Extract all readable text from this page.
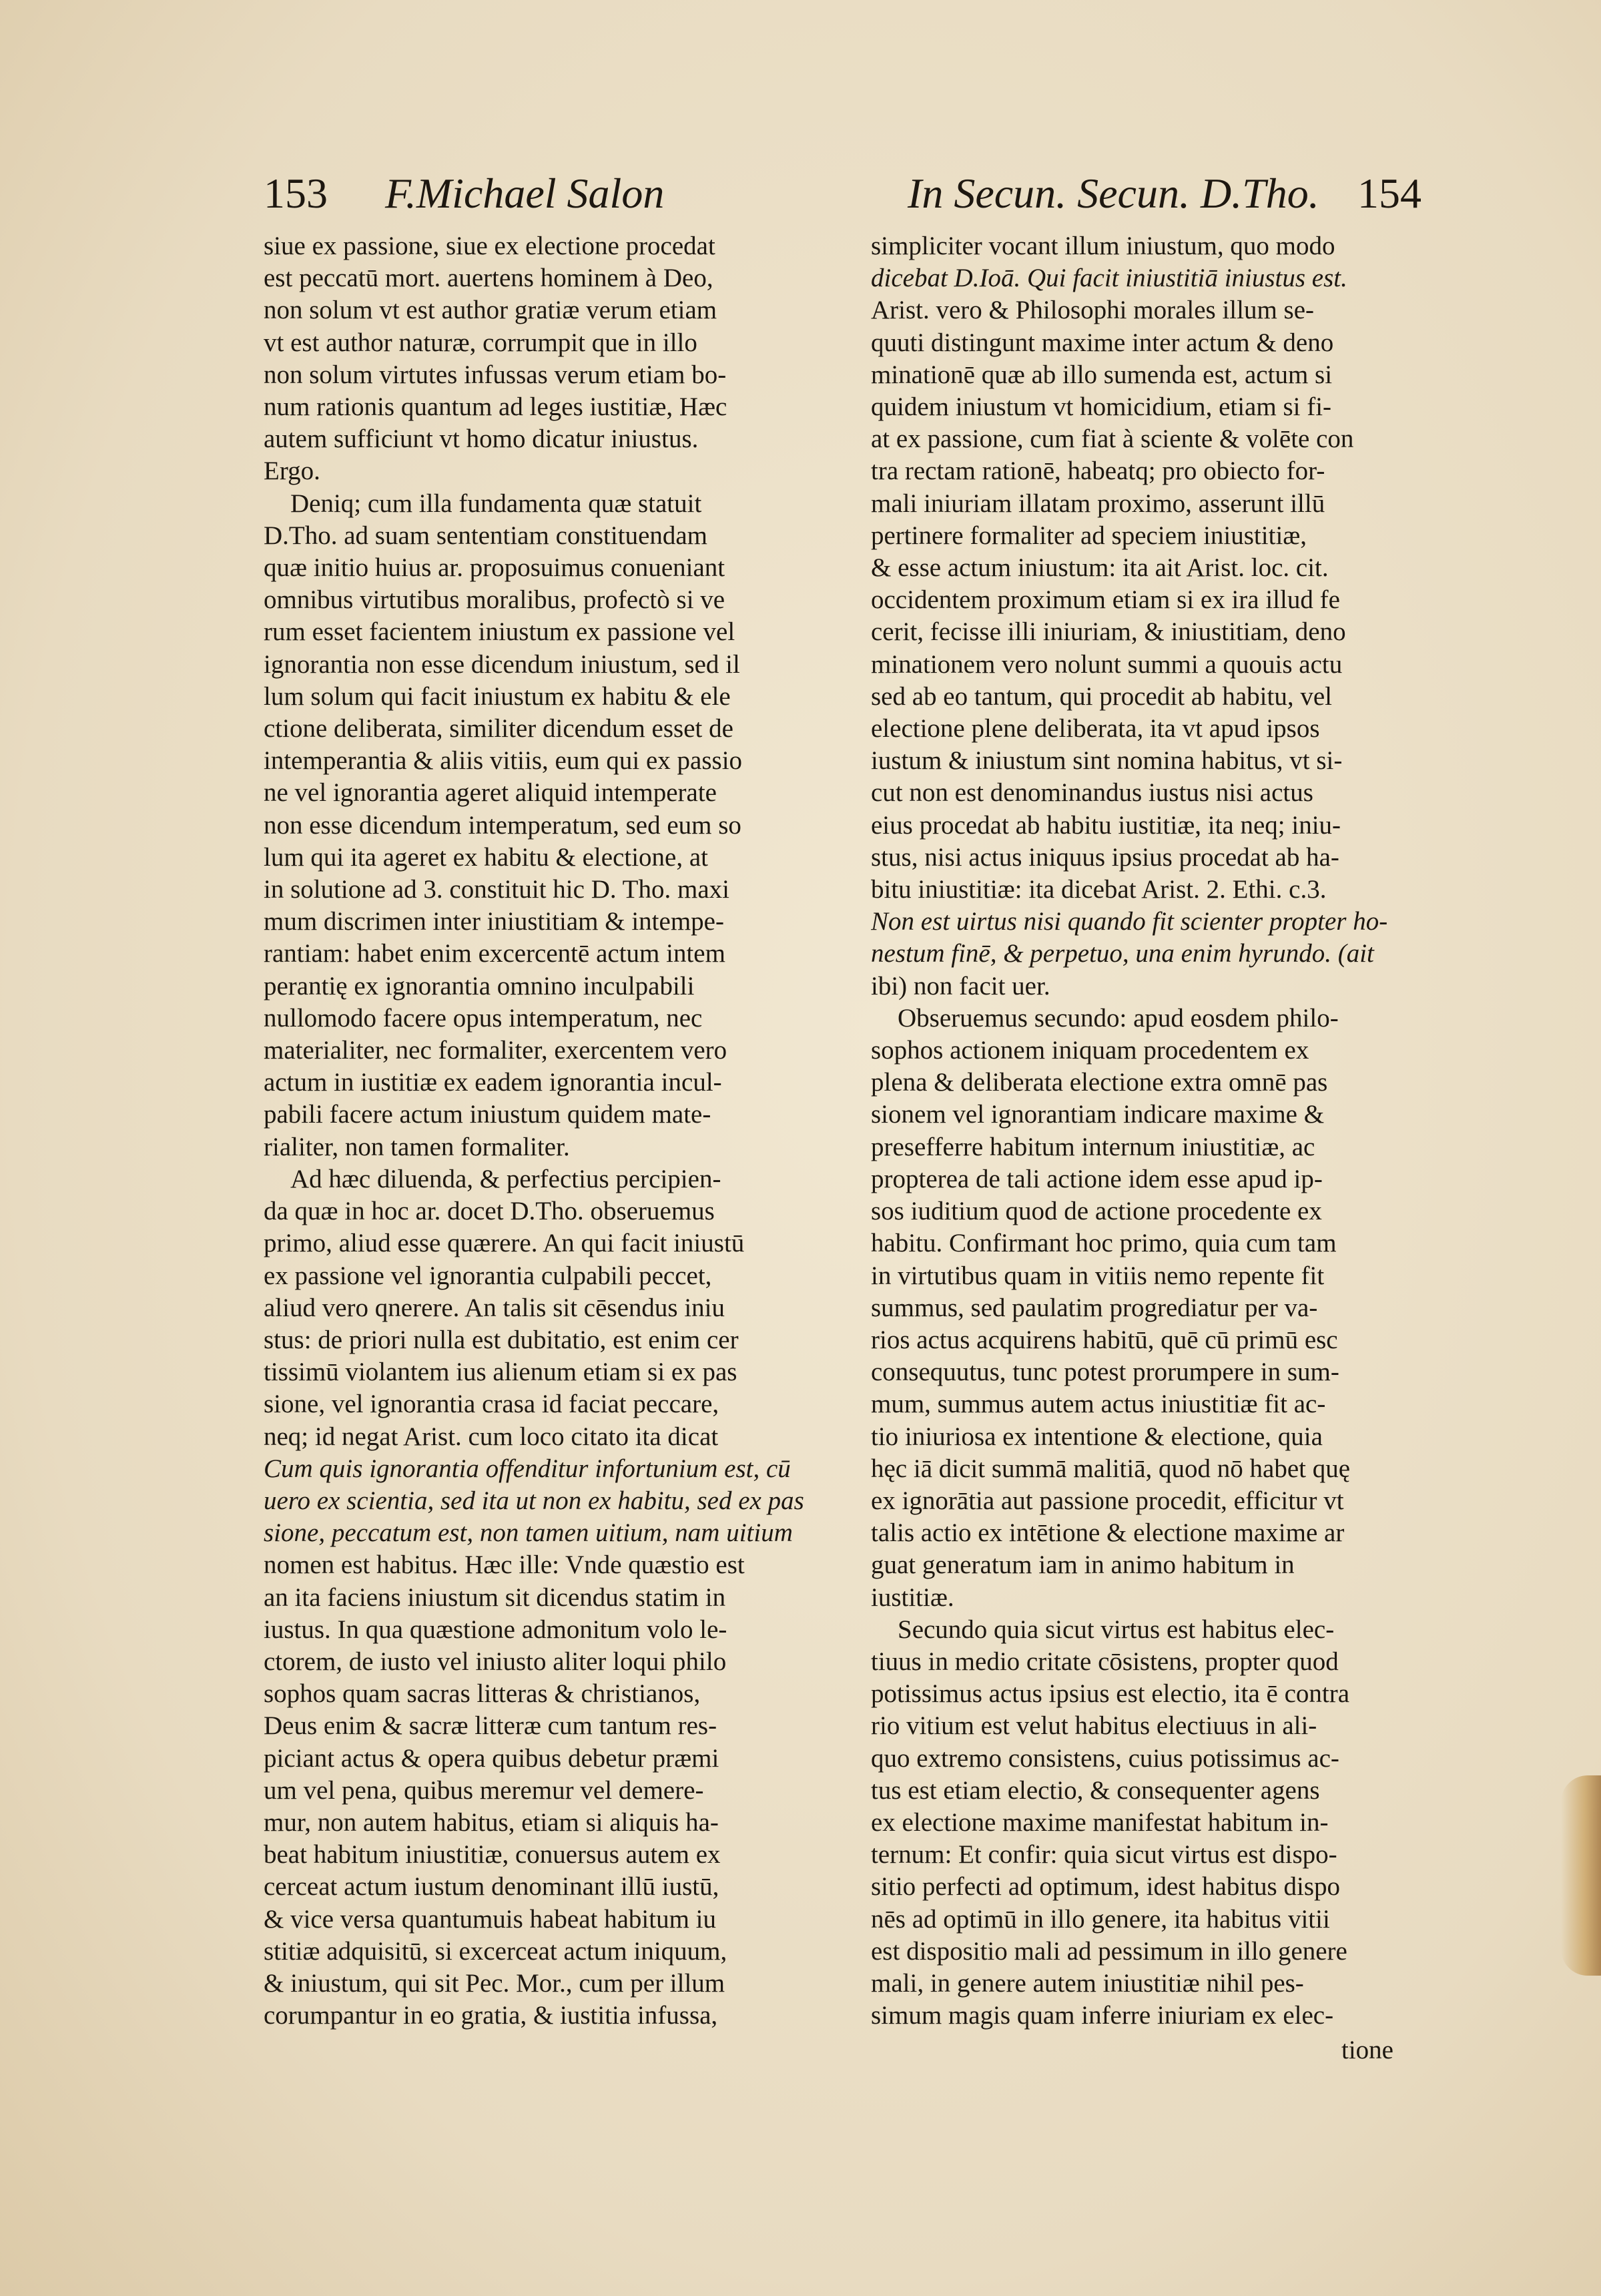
153 F.Michael Salon	In Secun. Secun. D.Tho. 154
siue ex passione, siue ex electione procedat
est peccatū mort. auertens hominem à Deo,
non solum vt est author gratiæ verum etiam
vt est author naturæ, corrumpit que in illo
non solum virtutes infussas verum etiam bo-
num rationis quantum ad leges iustitiæ, Hæc
autem sufficiunt vt homo dicatur iniustus.
Ergo.
Deniq; cum illa fundamenta quæ statuit
D.Tho. ad suam sententiam constituendam
quæ initio huius ar. proposuimus conueniant
omnibus virtutibus moralibus, profectò si ve
rum esset facientem iniustum ex passione vel
ignorantia non esse dicendum iniustum, sed il
lum solum qui facit iniustum ex habitu & ele
ctione deliberata, similiter dicendum esset de
intemperantia & aliis vitiis, eum qui ex passio
ne vel ignorantia ageret aliquid intemperate
non esse dicendum intemperatum, sed eum so
lum qui ita ageret ex habitu & electione, at
in solutione ad 3. constituit hic D. Tho. maxi
mum discrimen inter iniustitiam & intempe-
rantiam: habet enim excercentē actum intem
perantię ex ignorantia omnino inculpabili
nullomodo facere opus intemperatum, nec
materialiter, nec formaliter, exercentem vero
actum in iustitiæ ex eadem ignorantia incul-
pabili facere actum iniustum quidem mate-
rialiter, non tamen formaliter.
Ad hæc diluenda, & perfectius percipien-
da quæ in hoc ar. docet D.Tho. obseruemus
primo, aliud esse quærere. An qui facit iniustū
ex passione vel ignorantia culpabili peccet,
aliud vero qnerere. An talis sit cēsendus iniu
stus: de priori nulla est dubitatio, est enim cer
tissimū violantem ius alienum etiam si ex pas
sione, vel ignorantia crasa id faciat peccare,
neq; id negat Arist. cum loco citato ita dicat
Cum quis ignorantia offenditur infortunium est, cū
uero ex scientia, sed ita ut non ex habitu, sed ex pas
sione, peccatum est, non tamen uitium, nam uitium
nomen est habitus. Hæc ille: Vnde quæstio est
an ita faciens iniustum sit dicendus statim in
iustus. In qua quæstione admonitum volo le-
ctorem, de iusto vel iniusto aliter loqui philo
sophos quam sacras litteras & christianos,
Deus enim & sacræ litteræ cum tantum res-
piciant actus & opera quibus debetur præmi
um vel pena, quibus meremur vel demere-
mur, non autem habitus, etiam si aliquis ha-
beat habitum iniustitiæ, conuersus autem ex
cerceat actum iustum denominant illū iustū,
& vice versa quantumuis habeat habitum iu
stitiæ adquisitū, si excerceat actum iniquum,
& iniustum, qui sit Pec. Mor., cum per illum
corumpantur in eo gratia, & iustitia infussa,
simpliciter vocant illum iniustum, quo modo
dicebat D.Ioā. Qui facit iniustitiā iniustus est.
Arist. vero & Philosophi morales illum se-
quuti distingunt maxime inter actum & deno
minationē quæ ab illo sumenda est, actum si
quidem iniustum vt homicidium, etiam si fi-
at ex passione, cum fiat à sciente & volēte con
tra rectam rationē, habeatq; pro obiecto for-
mali iniuriam illatam proximo, asserunt illū
pertinere formaliter ad speciem iniustitiæ,
& esse actum iniustum: ita ait Arist. loc. cit.
occidentem proximum etiam si ex ira illud fe
cerit, fecisse illi iniuriam, & iniustitiam, deno
minationem vero nolunt summi a quouis actu
sed ab eo tantum, qui procedit ab habitu, vel
electione plene deliberata, ita vt apud ipsos
iustum & iniustum sint nomina habitus, vt si-
cut non est denominandus iustus nisi actus
eius procedat ab habitu iustitiæ, ita neq; iniu-
stus, nisi actus iniquus ipsius procedat ab ha-
bitu iniustitiæ: ita dicebat Arist. 2. Ethi. c.3.
Non est uirtus nisi quando fit scienter propter ho-
nestum finē, & perpetuo, una enim hyrundo. (ait
ibi) non facit uer.
Obseruemus secundo: apud eosdem philo-
sophos actionem iniquam procedentem ex
plena & deliberata electione extra omnē pas
sionem vel ignorantiam indicare maxime &
presefferre habitum internum iniustitiæ, ac
propterea de tali actione idem esse apud ip-
sos iuditium quod de actione procedente ex
habitu. Confirmant hoc primo, quia cum tam
in virtutibus quam in vitiis nemo repente fit
summus, sed paulatim progrediatur per va-
rios actus acquirens habitū, quē cū primū esc
consequutus, tunc potest prorumpere in sum-
mum, summus autem actus iniustitiæ fit ac-
tio iniuriosa ex intentione & electione, quia
hęc iā dicit summā malitiā, quod nō habet quę
ex ignorātia aut passione procedit, efficitur vt
talis actio ex intētione & electione maxime ar
guat generatum iam in animo habitum in
iustitiæ.
Secundo quia sicut virtus est habitus elec-
tiuus in medio critate cōsistens, propter quod
potissimus actus ipsius est electio, ita ē contra
rio vitium est velut habitus electiuus in ali-
quo extremo consistens, cuius potissimus ac-
tus est etiam electio, & consequenter agens
ex electione maxime manifestat habitum in-
ternum: Et confir: quia sicut virtus est dispo-
sitio perfecti ad optimum, idest habitus dispo
nēs ad optimū in illo genere, ita habitus vitii
est dispositio mali ad pessimum in illo genere
mali, in genere autem iniustitiæ nihil pes-
simum magis quam inferre iniuriam ex elec-
tione
